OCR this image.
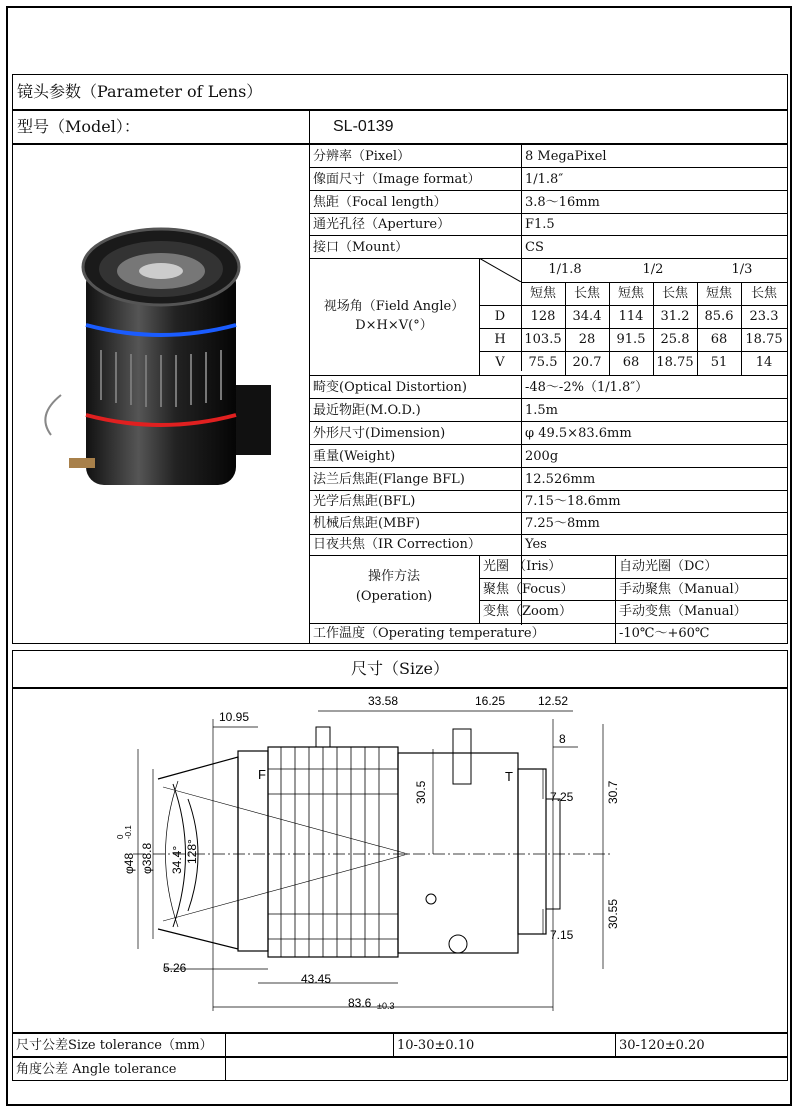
镜头参数（Parameter of Lens）
型号（Model）：	SL-0139
分辨率（Pixel）	8 MegaPixel
像面尺寸（Image format）	1/1.8″
焦距（Focal length）	3.8～16mm
通光孔径（Aperture）	F1.5
接口（Mount）	CS
视场角（Field Angle）
D×H×V(°）
1/1.8	1/2	1/3
短焦	长焦	短焦	长焦	短焦	长焦
D	128	34.4	114	31.2	85.6	23.3
H	103.5	28	91.5	25.8	68	18.75
V	75.5	20.7	68	18.75	51	14
畸变(Optical Distortion)	-48～-2%（1/1.8″）
最近物距(M.O.D.)	1.5m
外形尺寸(Dimension)	φ 49.5×83.6mm
重量(Weight)	200g
法兰后焦距(Flange BFL)	12.526mm
光学后焦距(BFL)	7.15～18.6mm
机械后焦距(MBF)	7.25～8mm
日夜共焦（IR Correction）	Yes
操作方法
(Operation)
光圈 （Iris）	自动光圈（DC）
聚焦（Focus）	手动聚焦（Manual）
变焦（Zoom）	手动变焦（Manual）
工作温度（Operating temperature）	-10℃～+60℃
尺寸（Size）
10.95
33.58	16.25	12.52
8
30.5	30.7
7.25
30.55
7.15
5.26
43.45
83.6 ±0.3
φ48
0 -0.1
φ38.8 34.4° 128°
F	T
尺寸公差Size tolerance（mm）	10-30±0.10	30-120±0.20
角度公差 Angle tolerance
